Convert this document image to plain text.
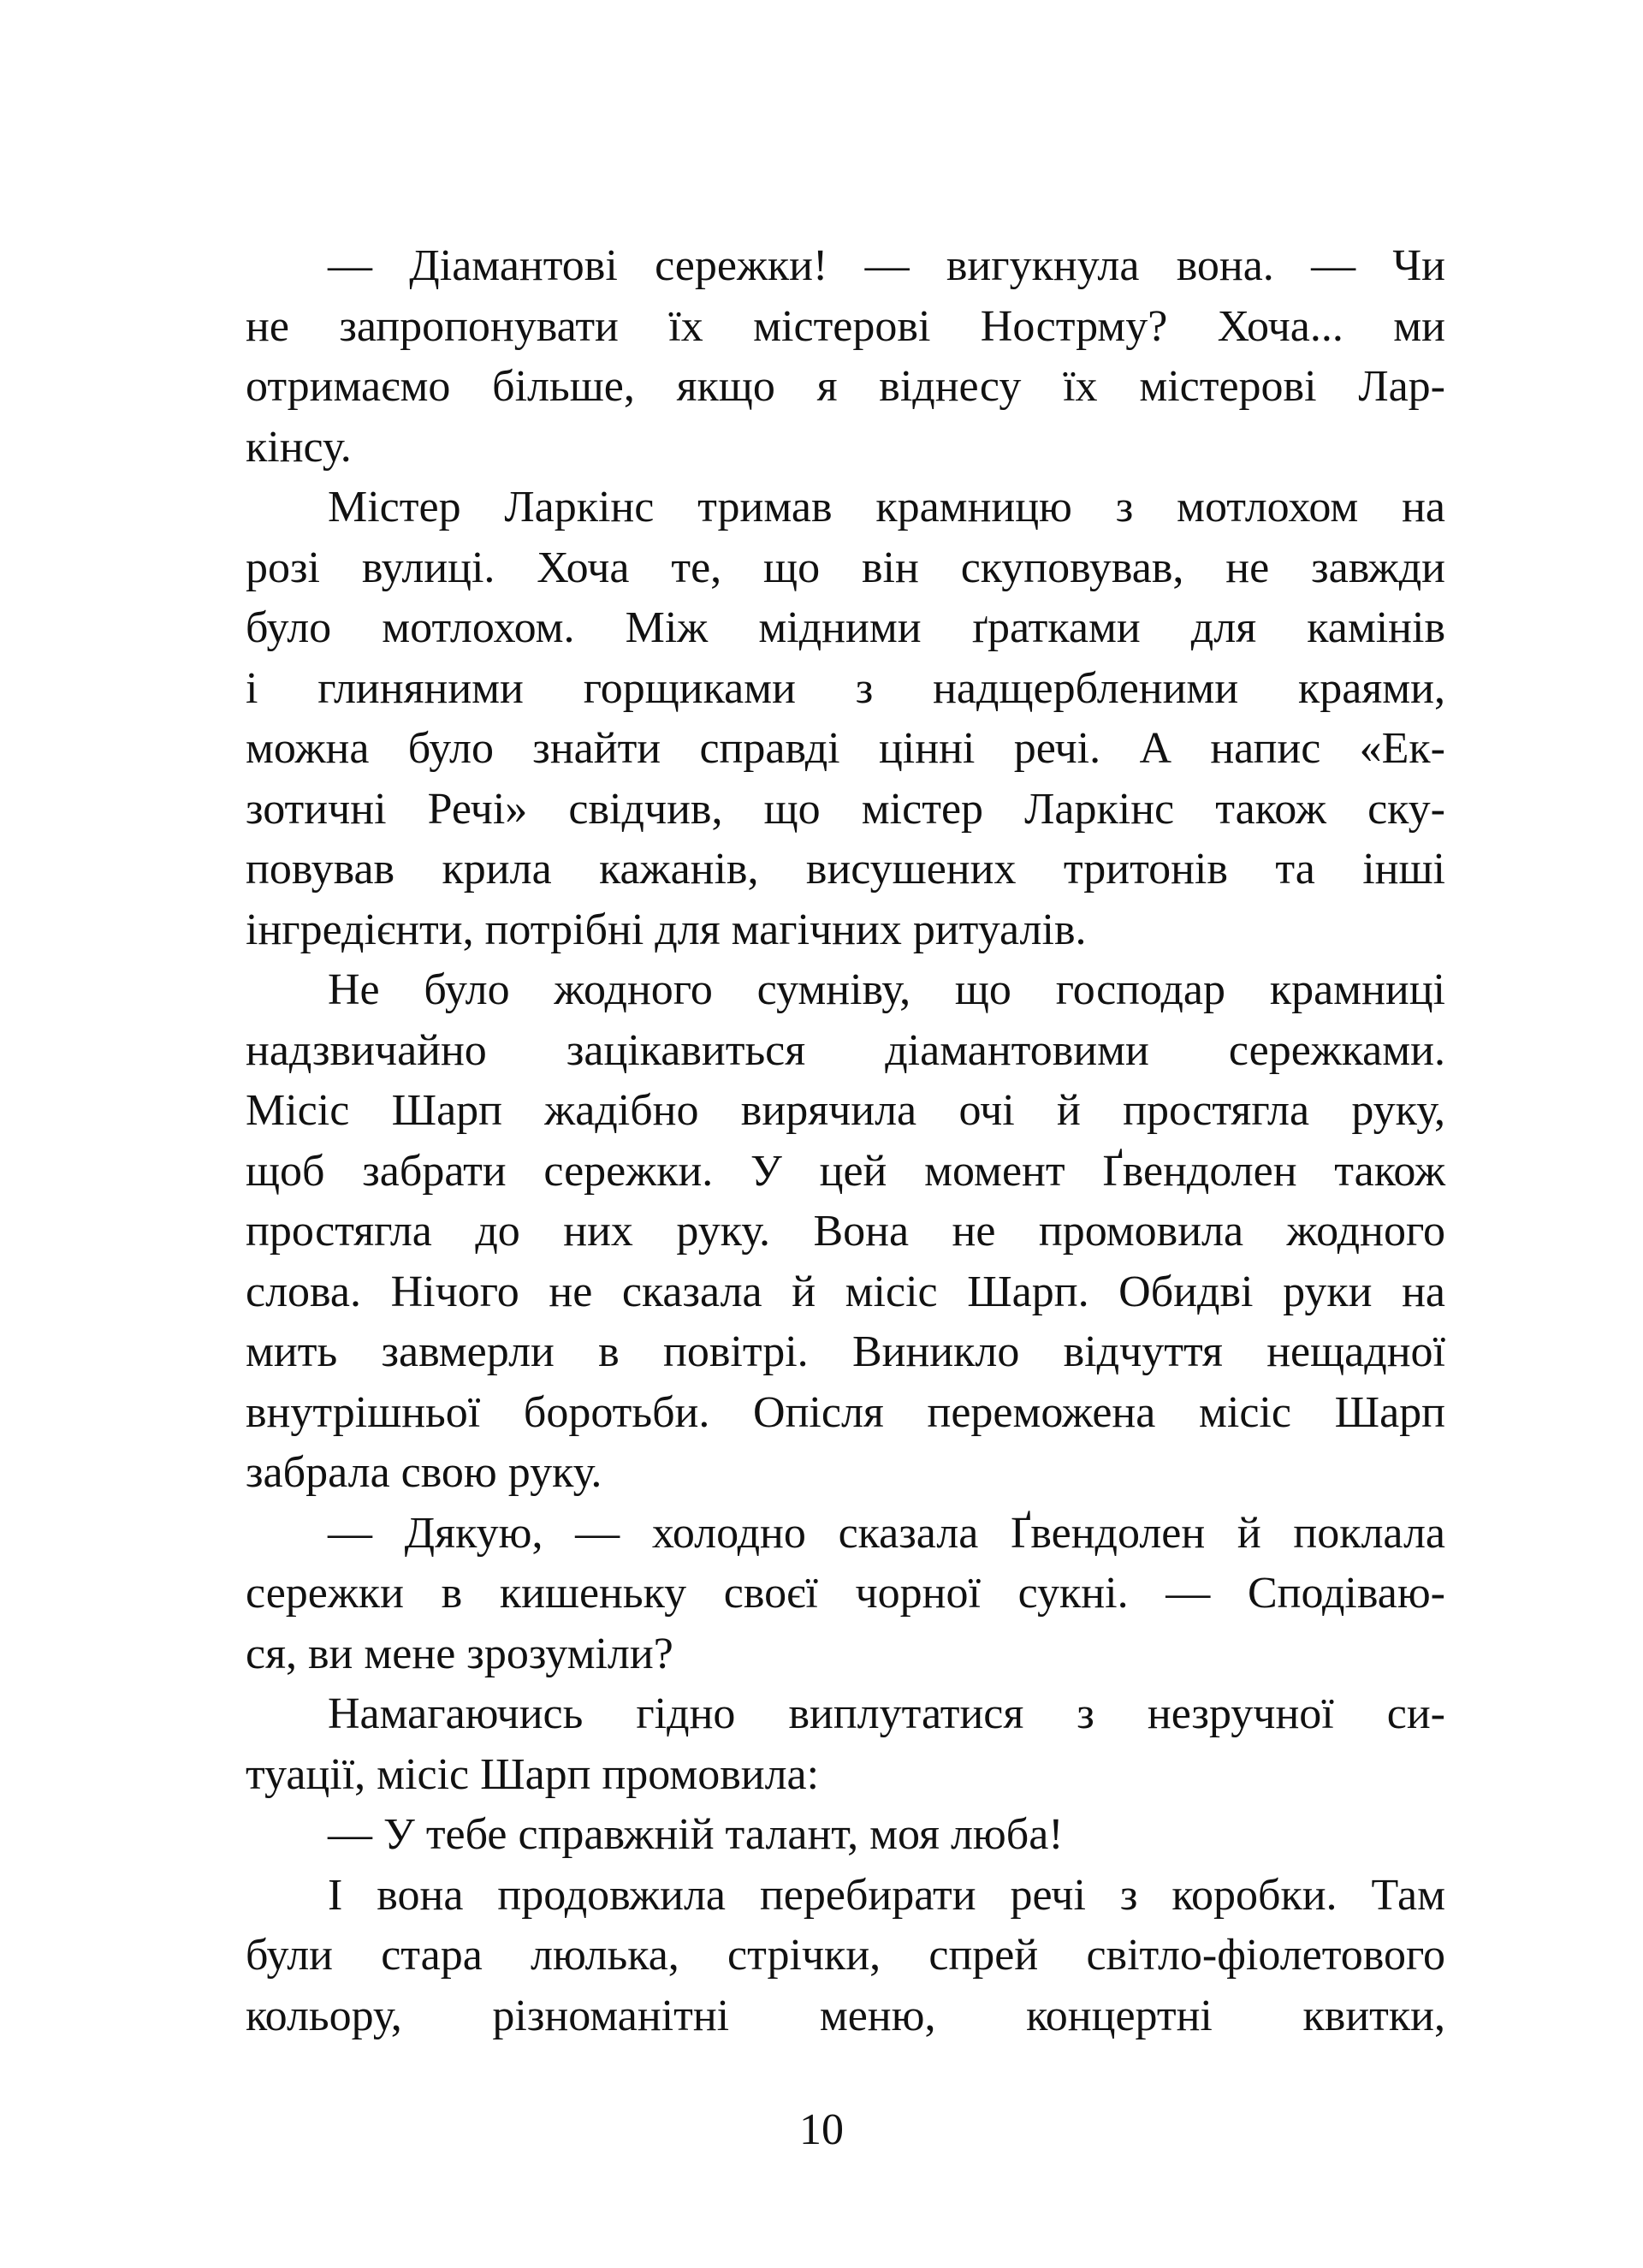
— Діамантові сережки! — вигукнула вона. — Чи
не запропонувати їх містерові Нострму? Хоча... ми
отримаємо більше, якщо я віднесу їх містерові Лар-
кінсу.
Містер Ларкінс тримав крамницю з мотлохом на
розі вулиці. Хоча те, що він скуповував, не завжди
було мотлохом. Між мідними ґратками для камінів
і глиняними горщиками з надщербленими краями,
можна було знайти справді цінні речі. А напис «Ек-
зотичні Речі» свідчив, що містер Ларкінс також ску-
повував крила кажанів, висушених тритонів та інші
інгредієнти, потрібні для магічних ритуалів.
Не було жодного сумніву, що господар крамниці
надзвичайно зацікавиться діамантовими сережками.
Місіс Шарп жадібно вирячила очі й простягла руку,
щоб забрати сережки. У цей момент Ґвендолен також
простягла до них руку. Вона не промовила жодного
слова. Нічого не сказала й місіс Шарп. Обидві руки на
мить завмерли в повітрі. Виникло відчуття нещадної
внутрішньої боротьби. Опісля переможена місіс Шарп
забрала свою руку.
— Дякую, — холодно сказала Ґвендолен й поклала
сережки в кишеньку своєї чорної сукні. — Сподіваю-
ся, ви мене зрозуміли?
Намагаючись гідно виплутатися з незручної си-
туації, місіс Шарп промовила:
— У тебе справжній талант, моя люба!
І вона продовжила перебирати речі з коробки. Там
були стара люлька, стрічки, спрей світло-фіолетового
кольору, різноманітні меню, концертні квитки,
10
